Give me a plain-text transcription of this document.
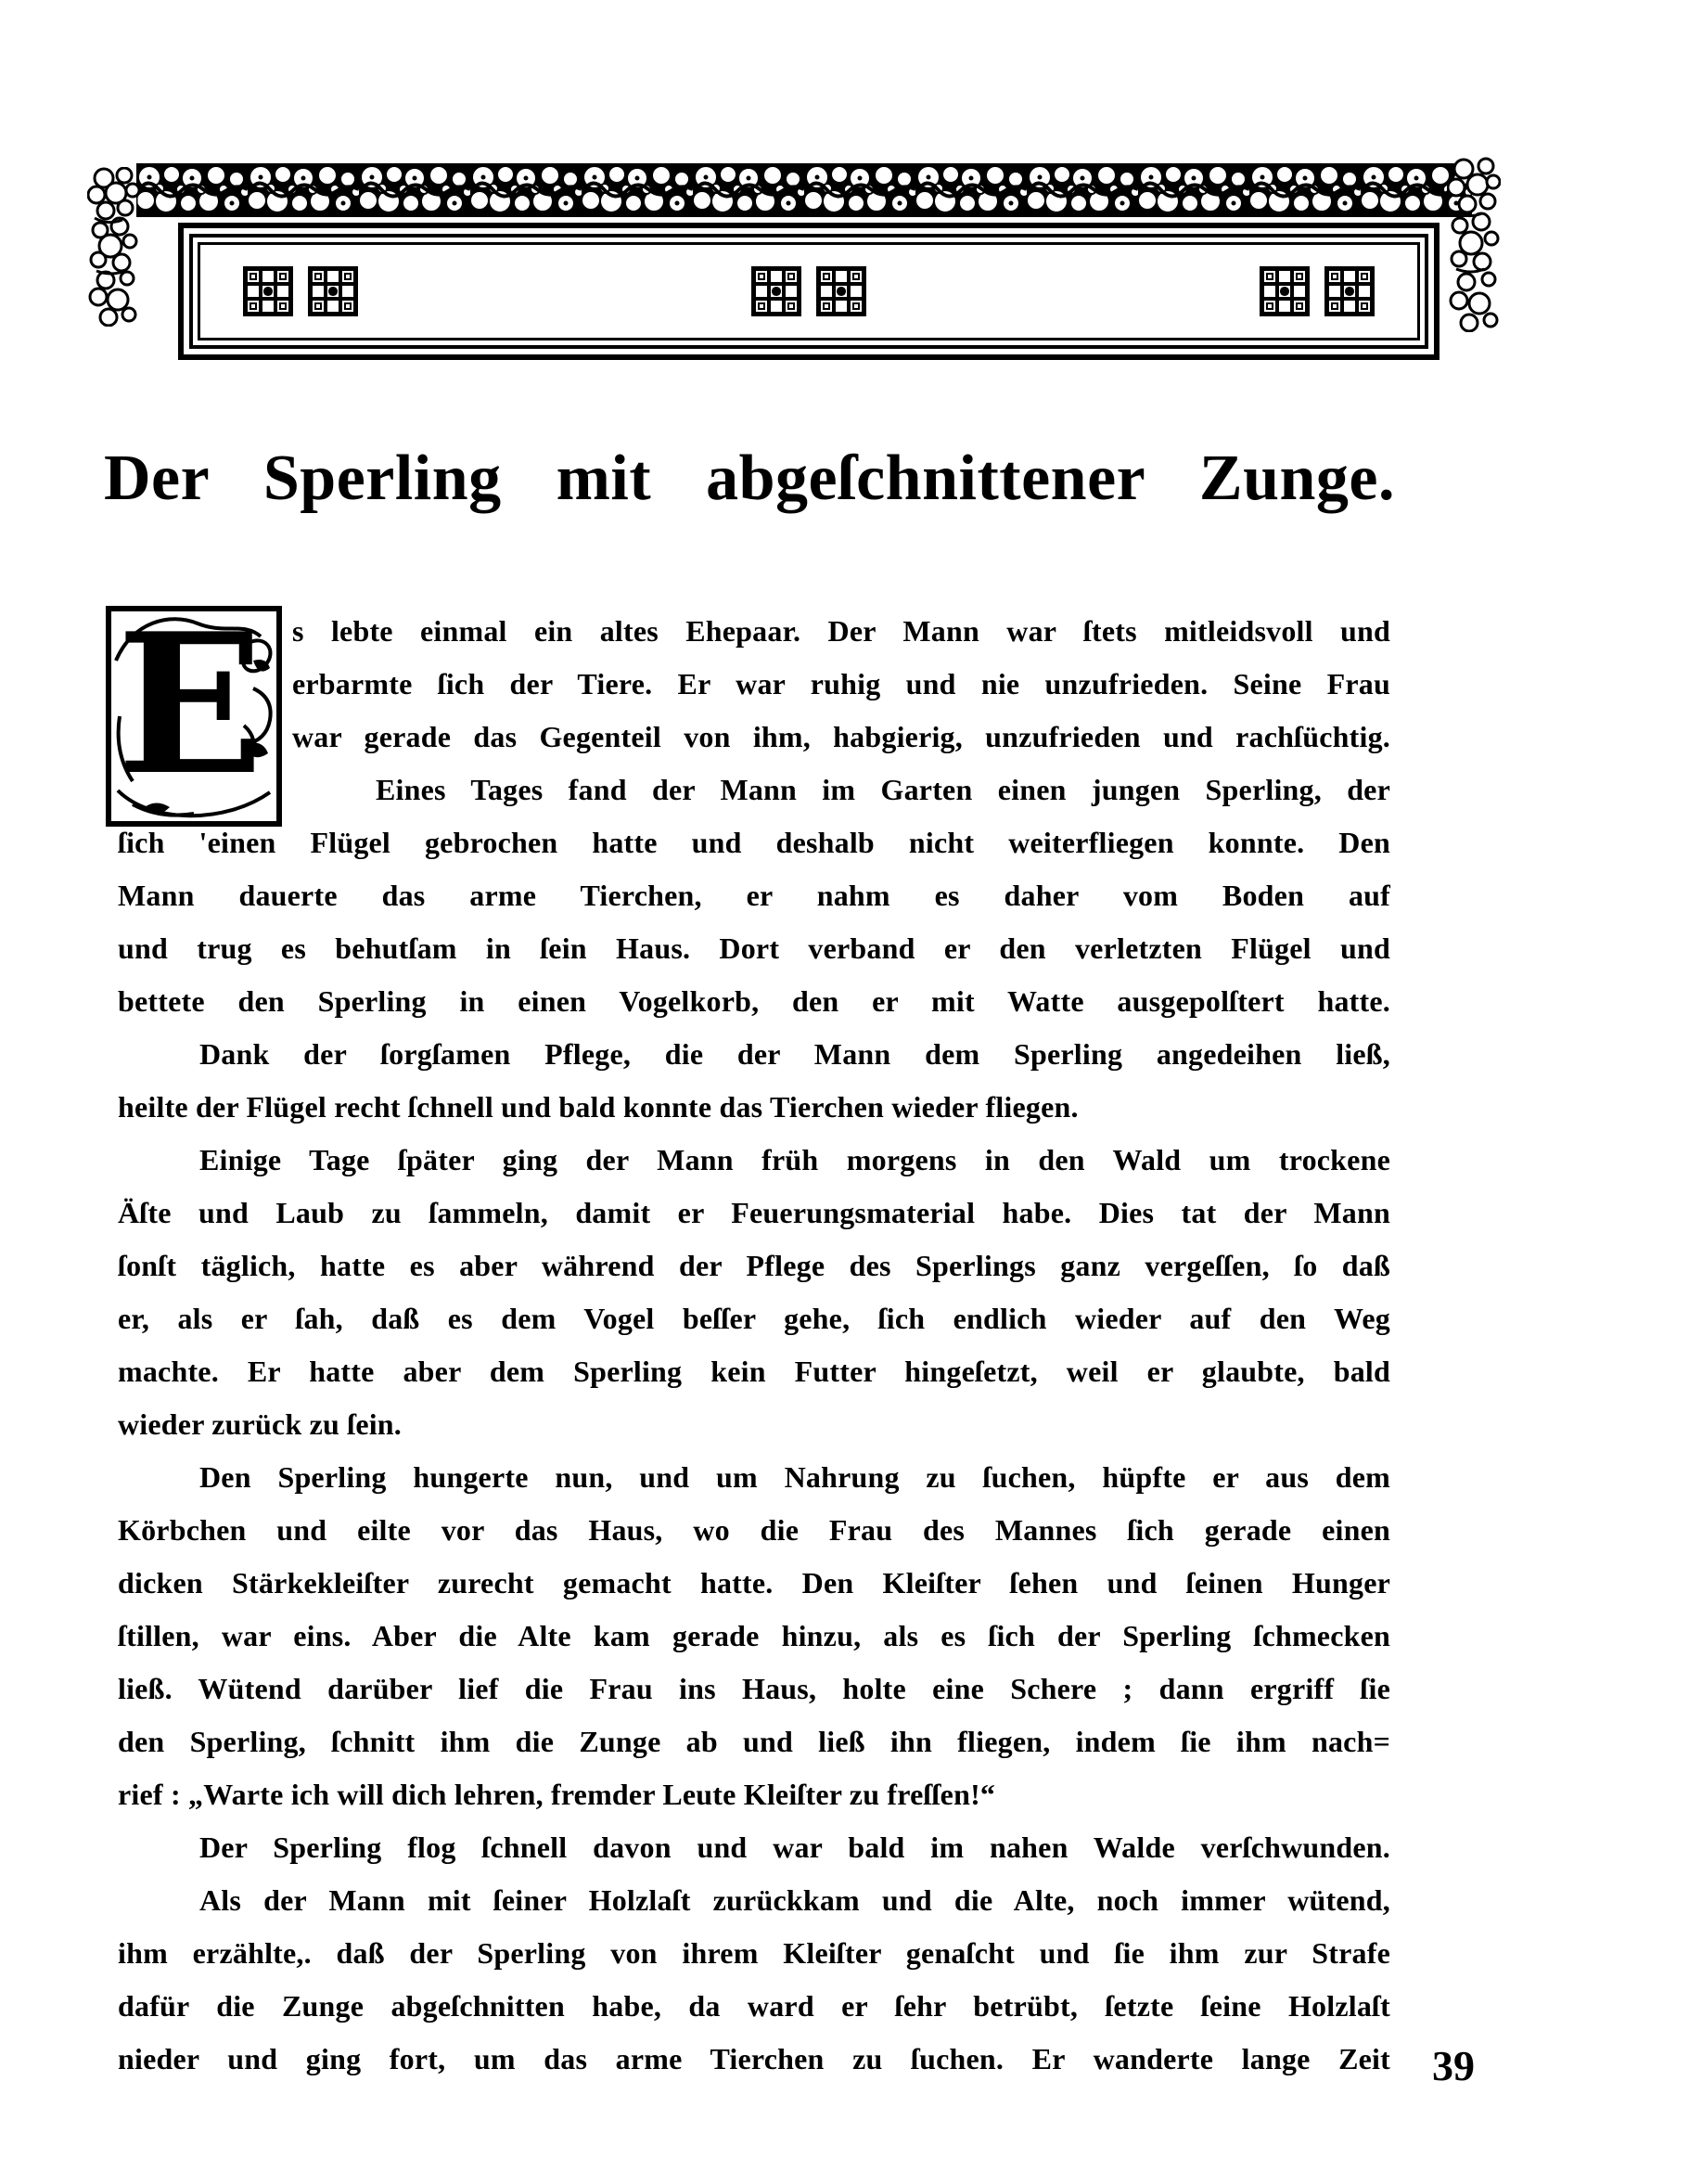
Der Sperling mit abgeſchnittener Zunge.
E s lebte einmal ein altes Ehepaar. Der Mann war ſtets mitleidsvoll und

erbarmte ſich der Tiere. Er war ruhig und nie unzufrieden. Seine Frau

war gerade das Gegenteil von ihm, habgierig, unzufrieden und rachſüchtig.

Eines Tages fand der Mann im Garten einen jungen Sperling, der

ſich 'einen Flügel gebrochen hatte und deshalb nicht weiterfliegen konnte. Den

Mann dauerte das arme Tierchen, er nahm es daher vom Boden auf

und trug es behutſam in ſein Haus. Dort verband er den verletzten Flügel und

bettete den Sperling in einen Vogelkorb, den er mit Watte ausgepolſtert hatte.

Dank der ſorgſamen Pflege, die der Mann dem Sperling angedeihen ließ,

heilte der Flügel recht ſchnell und bald konnte das Tierchen wieder fliegen.

Einige Tage ſpäter ging der Mann früh morgens in den Wald um trockene

Äſte und Laub zu ſammeln, damit er Feuerungsmaterial habe. Dies tat der Mann

ſonſt täglich, hatte es aber während der Pflege des Sperlings ganz vergeſſen, ſo daß

er, als er ſah, daß es dem Vogel beſſer gehe, ſich endlich wieder auf den Weg

machte. Er hatte aber dem Sperling kein Futter hingeſetzt, weil er glaubte, bald

wieder zurück zu ſein.

Den Sperling hungerte nun, und um Nahrung zu ſuchen, hüpfte er aus dem

Körbchen und eilte vor das Haus, wo die Frau des Mannes ſich gerade einen

dicken Stärkekleiſter zurecht gemacht hatte. Den Kleiſter ſehen und ſeinen Hunger

ſtillen, war eins. Aber die Alte kam gerade hinzu, als es ſich der Sperling ſchmecken

ließ. Wütend darüber lief die Frau ins Haus, holte eine Schere ; dann ergriff ſie

den Sperling, ſchnitt ihm die Zunge ab und ließ ihn fliegen, indem ſie ihm nach=

rief : „Warte ich will dich lehren, fremder Leute Kleiſter zu freſſen!“

Der Sperling flog ſchnell davon und war bald im nahen Walde verſchwunden.

Als der Mann mit ſeiner Holzlaſt zurückkam und die Alte, noch immer wütend,

ihm erzählte,. daß der Sperling von ihrem Kleiſter genaſcht und ſie ihm zur Strafe

dafür die Zunge abgeſchnitten habe, da ward er ſehr betrübt, ſetzte ſeine Holzlaſt

nieder und ging fort, um das arme Tierchen zu ſuchen. Er wanderte lange Zeit 39
